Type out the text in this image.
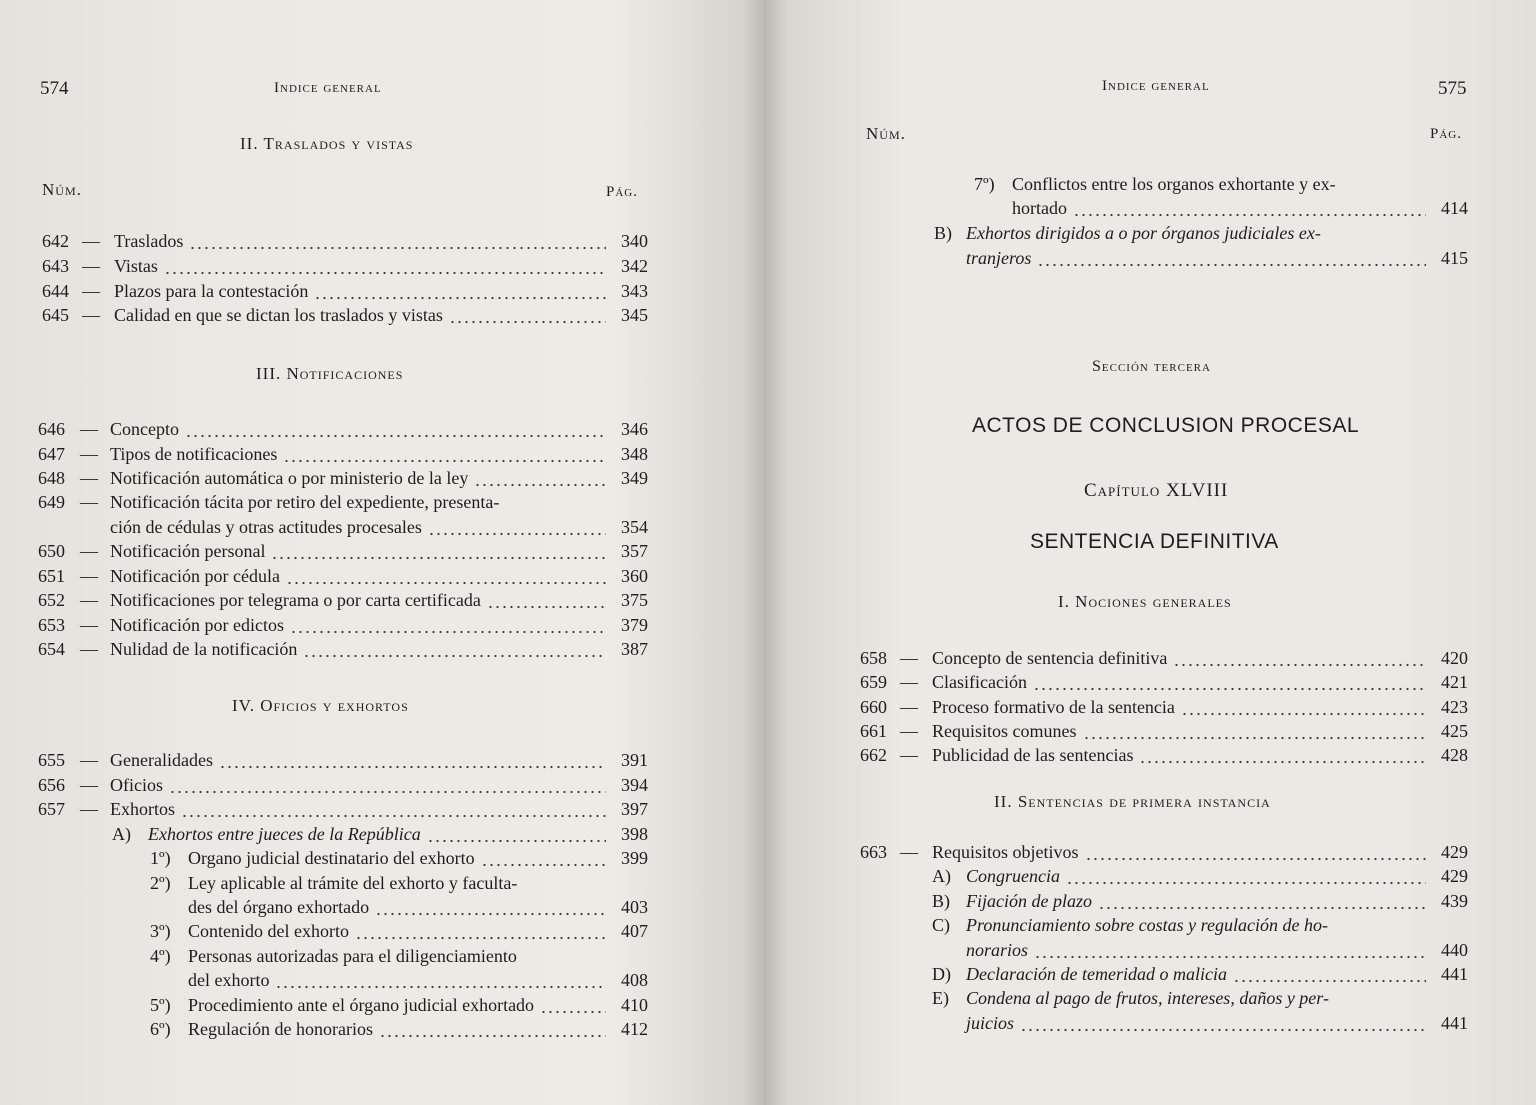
574	Indice general
II. Traslados y vistas
Núm.	Pág.
642 — Traslados	340
643 — Vistas	342
644 — Plazos para la contestación	343
645 — Calidad en que se dictan los traslados y vistas	345
III. Notificaciones
646 — Concepto	346
647 — Tipos de notificaciones	348
648 — Notificación automática o por ministerio de la ley	349
649 — Notificación tácita por retiro del expediente, presenta-
ción de cédulas y otras actitudes procesales	354
650 — Notificación personal	357
651 — Notificación por cédula	360
652 — Notificaciones por telegrama o por carta certificada	375
653 — Notificación por edictos	379
654 — Nulidad de la notificación	387
IV. Oficios y exhortos
655 — Generalidades	391
656 — Oficios	394
657 — Exhortos	397
A) Exhortos entre jueces de la República	398
1º) Organo judicial destinatario del exhorto	399
2º) Ley aplicable al trámite del exhorto y faculta-
des del órgano exhortado	403
3º) Contenido del exhorto	407
4º) Personas autorizadas para el diligenciamiento
del exhorto	408
5º) Procedimiento ante el órgano judicial exhortado	410
6º) Regulación de honorarios	412
Indice general	575
Núm.	Pág.
7º) Conflictos entre los organos exhortante y ex-
hortado	414
B) Exhortos dirigidos a o por órganos judiciales ex-
tranjeros	415
Sección tercera
ACTOS DE CONCLUSION PROCESAL
Capítulo XLVIII
SENTENCIA DEFINITIVA
I. Nociones generales
658 — Concepto de sentencia definitiva	420
659 — Clasificación	421
660 — Proceso formativo de la sentencia	423
661 — Requisitos comunes	425
662 — Publicidad de las sentencias	428
II. Sentencias de primera instancia
663 — Requisitos objetivos	429
A) Congruencia	429
B) Fijación de plazo	439
C) Pronunciamiento sobre costas y regulación de ho-
norarios	440
D) Declaración de temeridad o malicia	441
E) Condena al pago de frutos, intereses, daños y per-
juicios	441
